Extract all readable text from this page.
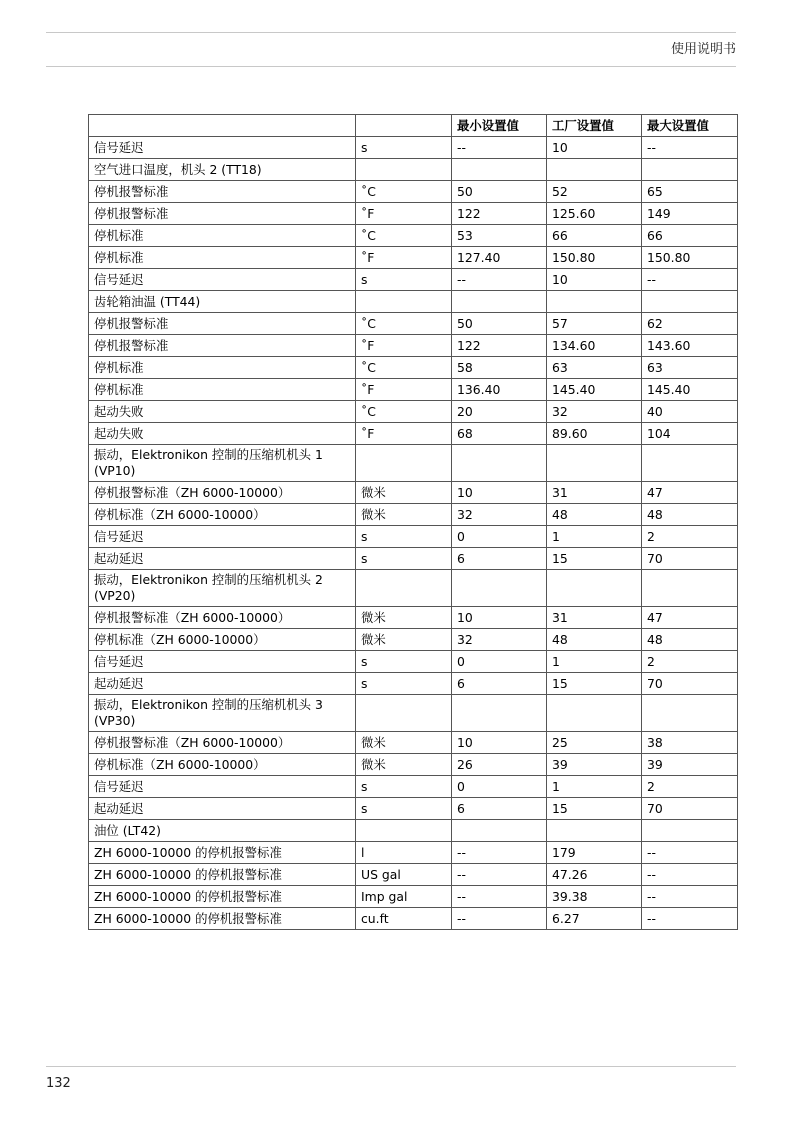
使用说明书
		最小设置值	工厂设置值	最大设置值
信号延迟	s	--	10	--
空气进口温度，机头 2 (TT18)				
停机报警标准	˚C	50	52	65
停机报警标准	˚F	122	125.60	149
停机标准	˚C	53	66	66
停机标准	˚F	127.40	150.80	150.80
信号延迟	s	--	10	--
齿轮箱油温 (TT44)				
停机报警标准	˚C	50	57	62
停机报警标准	˚F	122	134.60	143.60
停机标准	˚C	58	63	63
停机标准	˚F	136.40	145.40	145.40
起动失败	˚C	20	32	40
起动失败	˚F	68	89.60	104
振动，Elektronikon 控制的压缩机机头 1 (VP10)				
停机报警标准（ZH 6000-10000）	微米	10	31	47
停机标准（ZH 6000-10000）	微米	32	48	48
信号延迟	s	0	1	2
起动延迟	s	6	15	70
振动，Elektronikon 控制的压缩机机头 2 (VP20)				
停机报警标准（ZH 6000-10000）	微米	10	31	47
停机标准（ZH 6000-10000）	微米	32	48	48
信号延迟	s	0	1	2
起动延迟	s	6	15	70
振动，Elektronikon 控制的压缩机机头 3 (VP30)				
停机报警标准（ZH 6000-10000）	微米	10	25	38
停机标准（ZH 6000-10000）	微米	26	39	39
信号延迟	s	0	1	2
起动延迟	s	6	15	70
油位 (LT42)				
ZH 6000-10000 的停机报警标准	l	--	179	--
ZH 6000-10000 的停机报警标准	US gal	--	47.26	--
ZH 6000-10000 的停机报警标准	Imp gal	--	39.38	--
ZH 6000-10000 的停机报警标准	cu.ft	--	6.27	--
132
